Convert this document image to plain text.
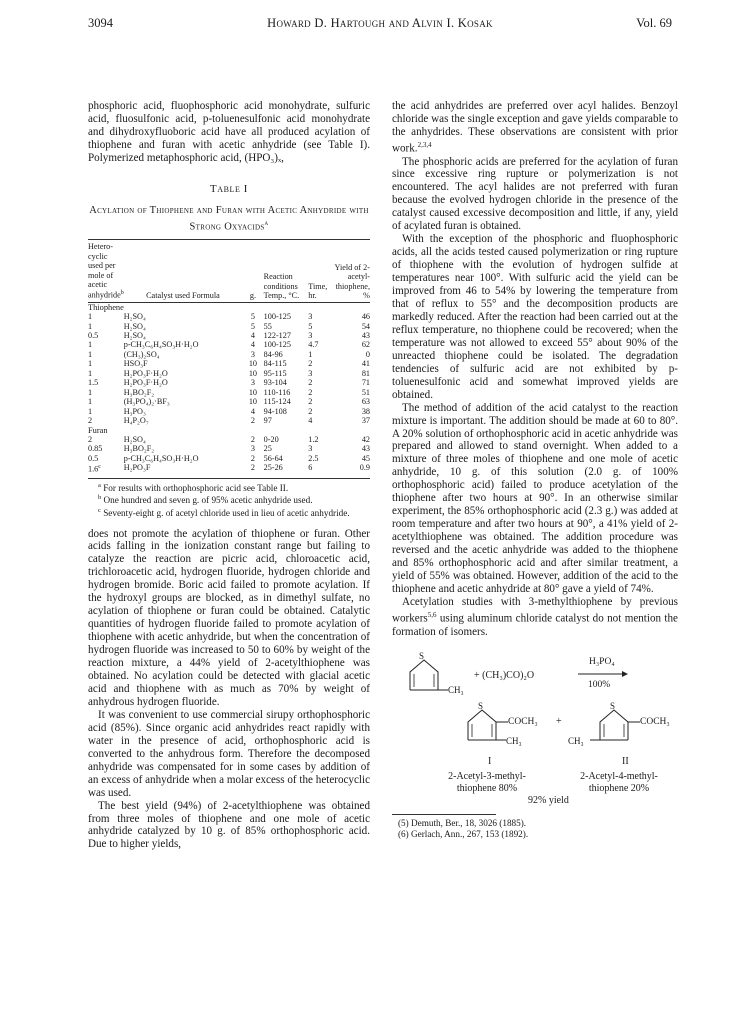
3094	Howard D. Hartough and Alvin I. Kosak	Vol. 69

phosphoric acid, fluophosphoric acid monohydrate, sulfuric acid, fluosulfonic acid, p-toluenesulfonic acid monohydrate and dihydroxyfluoboric acid have all produced acylation of thiophene and furan with acetic anhydride (see Table I). Polymerized metaphosphoric acid, (HPO₃)ₓ,

Table I
Acylation of Thiophene and Furan with Acetic Anhydride with Strong Oxyacids$^a$
Hetero-cyclic used per mole of acetic anhydride$^b$	Catalyst used Formula	g.	Reaction conditions Temp., °C.	Time, hr.	Yield of 2-acetyl-thiophene, %
Thiophene					
1	H₂SO₄	5	100-125	3	46
1	H₂SO₄	5	55	5	54
0.5	H₂SO₄	4	122-127	3	43
1	p-CH₃C₆H₄SO₃H·H₂O	4	100-125	4.7	62
1	(CH₃)₂SO₄	3	84-96	1	0
1	HSO₃F	10	84-115	2	41
1	H₂PO₃F·H₂O	10	95-115	3	81
1.5	H₂PO₃F·H₂O	3	93-104	2	71
1	H₃BO₂F₂	10	110-116	2	51
1	(H₃PO₄)₂·BF₃	10	115-124	2	63
1	H₃PO₃	4	94-108	2	38
2	H₄P₂O₇	2	97	4	37
Furan					
2	H₂SO₄	2	0-20	1.2	42
0.85	H₃BO₂F₂	3	25	3	43
0.5	p-CH₃C₆H₄SO₃H·H₂O	2	56-64	2.5	45
1.6$^c$	H₂PO₃F	2	25-26	6	0.9
$^a$ For results with orthophosphoric acid see Table II.
$^b$ One hundred and seven g. of 95% acetic anhydride used.
$^c$ Seventy-eight g. of acetyl chloride used in lieu of acetic anhydride.

does not promote the acylation of thiophene or furan. Other acids falling in the ionization constant range but failing to catalyze the reaction are picric acid, chloroacetic acid, trichloroacetic acid, hydrogen fluoride, hydrogen chloride and hydrogen bromide. Boric acid failed to promote acylation. If the hydroxyl groups are blocked, as in dimethyl sulfate, no acylation of thiophene or furan could be obtained. Catalytic quantities of hydrogen fluoride failed to promote acylation of thiophene with acetic anhydride, but when the concentration of hydrogen fluoride was increased to 50 to 60% by weight of the reaction mixture, a 44% yield of 2-acetylthiophene was obtained. No acylation could be detected with glacial acetic acid and thiophene with as much as 70% by weight of anhydrous hydrogen fluoride.

It was convenient to use commercial sirupy orthophosphoric acid (85%). Since organic acid anhydrides react rapidly with water in the presence of acid, orthophosphoric acid is converted to the anhydrous form. Therefore the decomposed anhydride was compensated for in some cases by addition of an excess of anhydride when a molar excess of the heterocyclic was used.

The best yield (94%) of 2-acetylthiophene was obtained from three moles of thiophene and one mole of acetic anhydride catalyzed by 10 g. of 85% orthophosphoric acid. Due to higher yields,

the acid anhydrides are preferred over acyl halides. Benzoyl chloride was the single exception and gave yields comparable to the anhydrides. These observations are consistent with prior work.$^{2,3,4}$

The phosphoric acids are preferred for the acylation of furan since excessive ring rupture or polymerization is not encountered. The acyl halides are not preferred with furan because the evolved hydrogen chloride in the presence of the catalyst caused excessive decomposition and little, if any, yield of acylated furan is obtained.

With the exception of the phosphoric and fluophosphoric acids, all the acids tested caused polymerization or ring rupture of thiophene with the evolution of hydrogen sulfide at temperatures near 100°. With sulfuric acid the yield can be improved from 46 to 54% by lowering the temperature from that of reflux to 55° and the decomposition products are markedly reduced. After the reaction had been carried out at the reflux temperature, no thiophene could be recovered; when the temperature was not allowed to exceed 55° about 90% of the unreacted thiophene could be isolated. The degradation tendencies of sulfuric acid are not exhibited by p-toluenesulfonic acid and somewhat improved yields are obtained.

The method of addition of the acid catalyst to the reaction mixture is important. The addition should be made at 60 to 80°. A 20% solution of orthophosphoric acid in acetic anhydride was prepared and allowed to stand overnight. When added to a mixture of three moles of thiophene and one mole of acetic anhydride, 10 g. of this solution (2.0 g. of 100% orthophosphoric acid) failed to produce acetylation of the thiophene after two hours at 90°. In an otherwise similar experiment, the 85% orthophosphoric acid (2.3 g.) was added at room temperature and after two hours at 90°, a 41% yield of 2-acetylthiophene was obtained. The addition procedure was reversed and the acetic anhydride was added to the thiophene and 85% orthophosphoric acid and after similar treatment, a yield of 55% was obtained. However, addition of the acid to the thiophene and acetic anhydride at 80° gave a yield of 74%.

Acetylation studies with 3-methylthiophene by previous workers$^{5,6}$ using aluminum chloride catalyst do not mention the formation of isomers.

S
CH₃
+ (CH₃)CO)₂O
H₃PO₄
100%
S
COCH₃
CH₃
+
S
COCH₃
CH₃
I	II
2-Acetyl-3-methyl-thiophene 80%
2-Acetyl-4-methyl-thiophene 20%
92% yield
(5) Demuth, Ber., 18, 3026 (1885).
(6) Gerlach, Ann., 267, 153 (1892).
